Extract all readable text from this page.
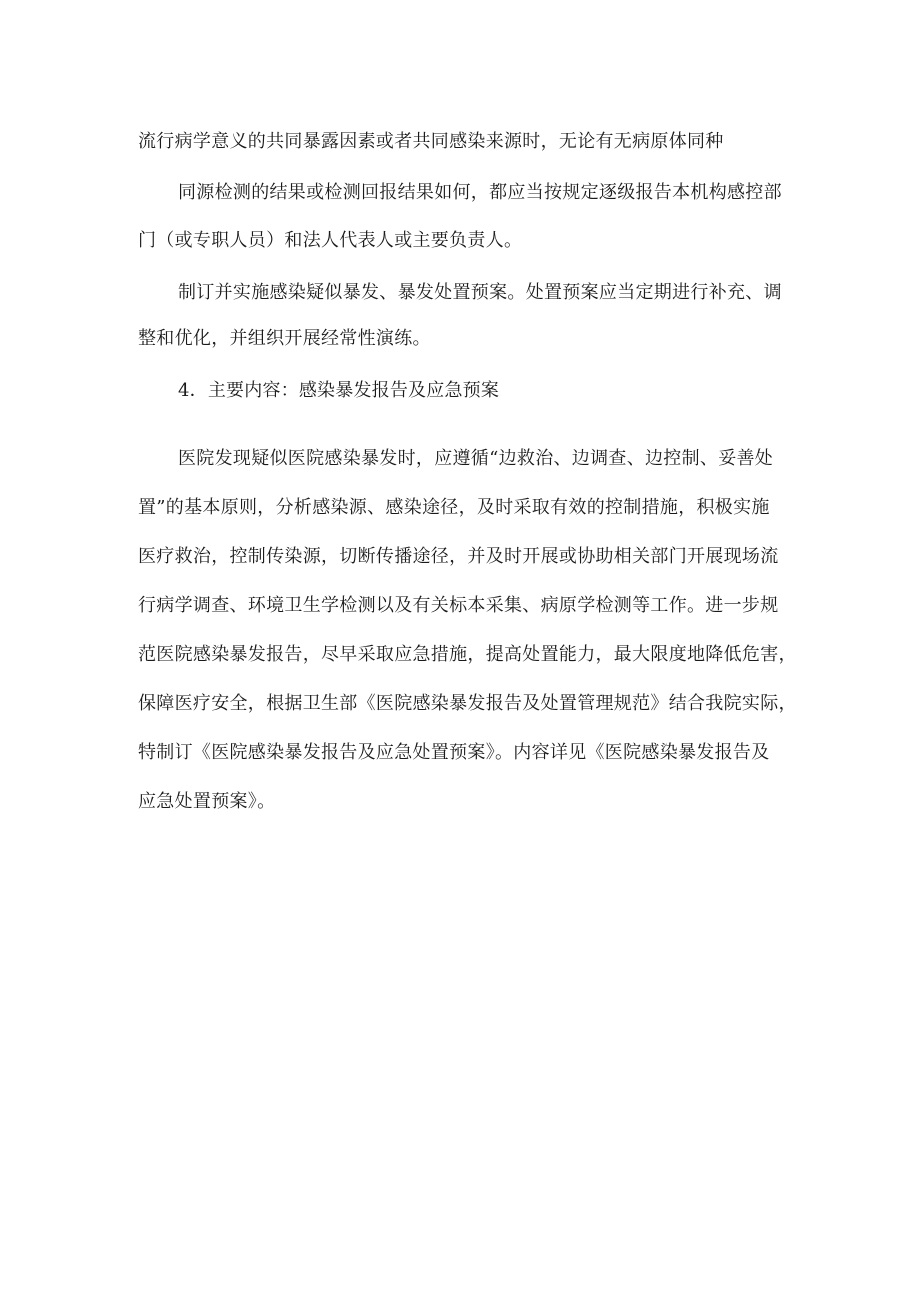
流行病学意义的共同暴露因素或者共同感染来源时，无论有无病原体同种
同源检测的结果或检测回报结果如何，都应当按规定逐级报告本机构感控部
门（或专职人员）和法人代表人或主要负责人。
制订并实施感染疑似暴发、暴发处置预案。处置预案应当定期进行补充、调
整和优化，并组织开展经常性演练。
4．主要内容：感染暴发报告及应急预案
医院发现疑似医院感染暴发时，应遵循“边救治、边调查、边控制、妥善处
置”的基本原则，分析感染源、感染途径，及时采取有效的控制措施，积极实施
医疗救治，控制传染源，切断传播途径，并及时开展或协助相关部门开展现场流
行病学调查、环境卫生学检测以及有关标本采集、病原学检测等工作。进一步规
范医院感染暴发报告，尽早采取应急措施，提高处置能力，最大限度地降低危害，
保障医疗安全，根据卫生部《医院感染暴发报告及处置管理规范》结合我院实际，
特制订《医院感染暴发报告及应急处置预案》。内容详见《医院感染暴发报告及
应急处置预案》。
